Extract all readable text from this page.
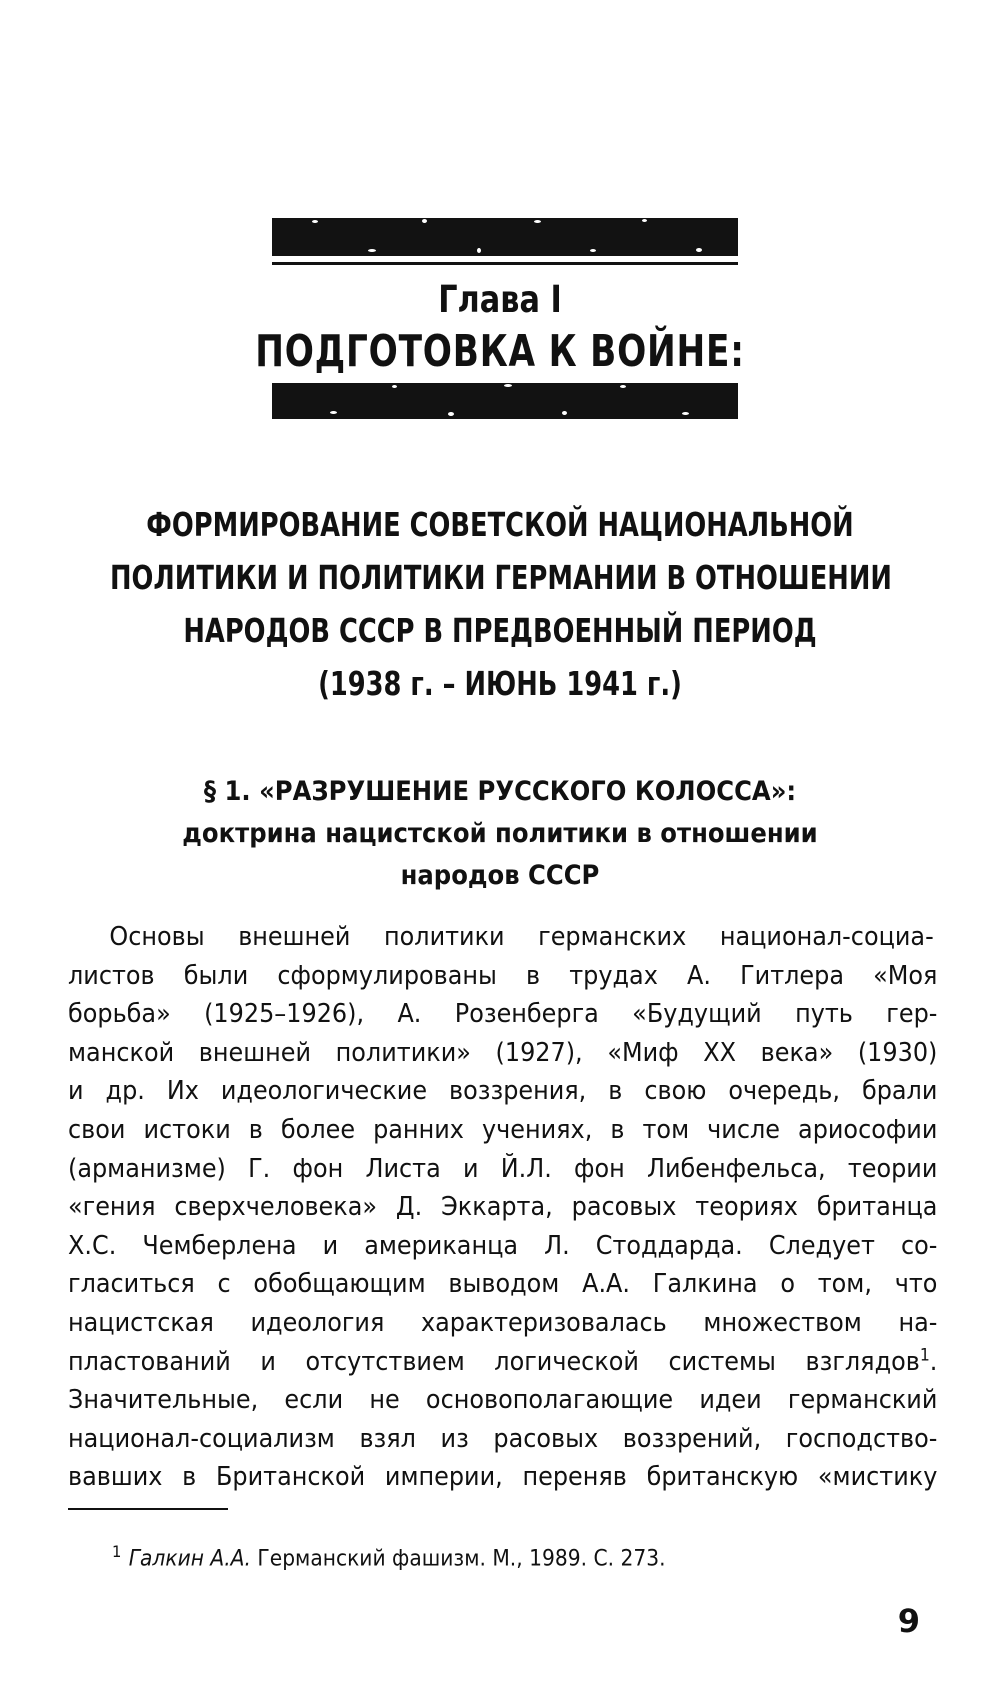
Глава I
ПОДГОТОВКА К ВОЙНЕ:
ФОРМИРОВАНИЕ СОВЕТСКОЙ НАЦИОНАЛЬНОЙ
ПОЛИТИКИ И ПОЛИТИКИ ГЕРМАНИИ В ОТНОШЕНИИ
НАРОДОВ СССР В ПРЕДВОЕННЫЙ ПЕРИОД
(1938 г. – ИЮНЬ 1941 г.)
§ 1. «РАЗРУШЕНИЕ РУССКОГО КОЛОССА»:
доктрина нацистской политики в отношении
народов СССР
Основы внешней политики германских национал-социа-
листов были сформулированы в трудах А. Гитлера «Моя
борьба» (1925–1926), А. Розенберга «Будущий путь гер-
манской внешней политики» (1927), «Миф ХХ века» (1930)
и др. Их идеологические воззрения, в свою очередь, брали
свои истоки в более ранних учениях, в том числе ариософии
(арманизме) Г. фон Листа и Й.Л. фон Либенфельса, теории
«гения сверхчеловека» Д. Эккарта, расовых теориях британца
Х.С. Чемберлена и американца Л. Стоддарда. Следует со-
гласиться с обобщающим выводом А.А. Галкина о том, что
нацистская идеология характеризовалась множеством на-
пластований и отсутствием логической системы взглядов$^1$.
Значительные, если не основополагающие идеи германский
национал-социализм взял из расовых воззрений, господство-
вавших в Британской империи, переняв британскую «мистику
$^1$ Галкин А.А. Германский фашизм. М., 1989. С. 273.
9
